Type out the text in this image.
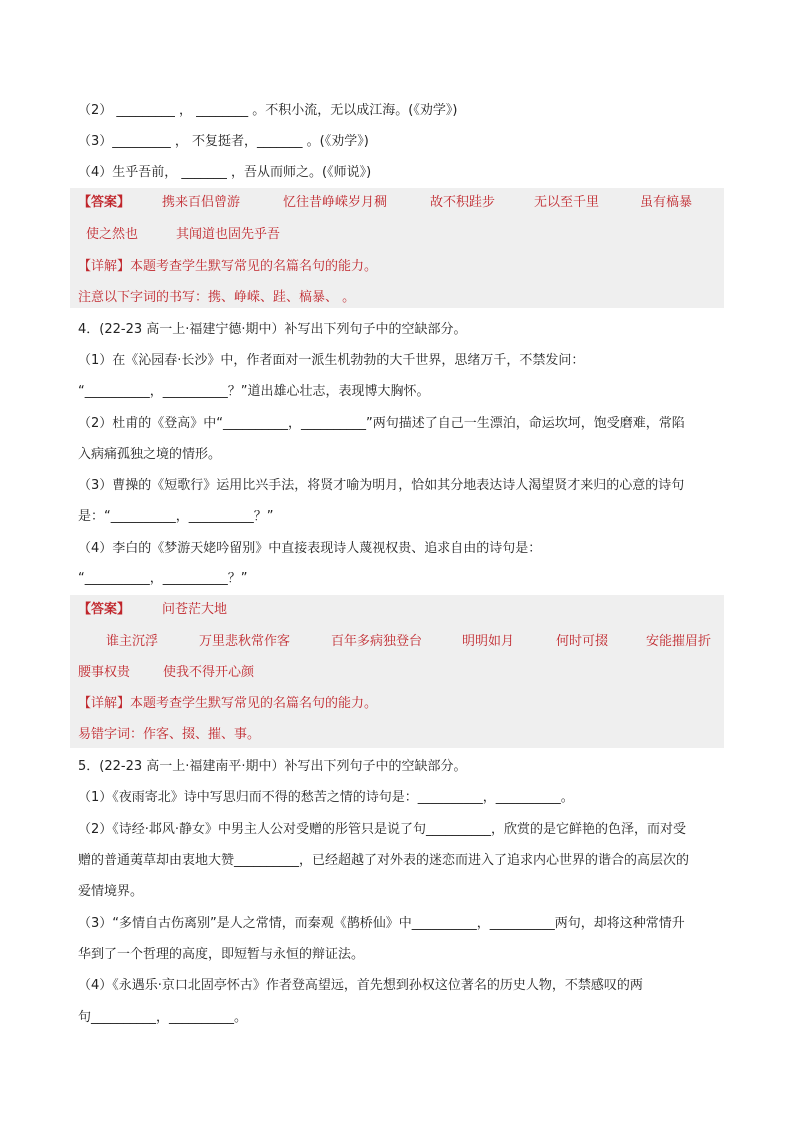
（2） _________ ， ________ 。不积小流，无以成江海。(《劝学》)
（3）_________ ， 不复挺者，_______ 。(《劝学》)
（4）生乎吾前， _______ ，吾从而师之。(《师说》)
【答案】 携来百侣曾游	忆往昔峥嵘岁月稠	故不积跬步	无以至千里	虽有槁暴
使之然也	其闻道也固先乎吾
【详解】本题考查学生默写常见的名篇名句的能力。
注意以下字词的书写：携、峥嵘、跬、槁暴、 。
4．(22-23 高一上·福建宁德·期中）补写出下列句子中的空缺部分。
（1）在《沁园春·长沙》中，作者面对一派生机勃勃的大千世界，思绪万千，不禁发问：
“__________，__________？”道出雄心壮志，表现博大胸怀。
（2）杜甫的《登高》中“__________，__________”两句描述了自己一生漂泊，命运坎坷，饱受磨难，常陷
入病痛孤独之境的情形。
（3）曹操的《短歌行》运用比兴手法，将贤才喻为明月，恰如其分地表达诗人渴望贤才来归的心意的诗句
是：“__________，__________？”
（4）李白的《梦游天姥吟留别》中直接表现诗人蔑视权贵、追求自由的诗句是：
“__________，__________？”
【答案】 问苍茫大地
谁主沉浮	万里悲秋常作客	百年多病独登台	明明如月	何时可掇	安能摧眉折
腰事权贵	使我不得开心颜
【详解】本题考查学生默写常见的名篇名句的能力。
易错字词：作客、掇、摧、事。
5．(22-23 高一上·福建南平·期中）补写出下列句子中的空缺部分。
（1）《夜雨寄北》诗中写思归而不得的愁苦之情的诗句是：__________，__________。
（2）《诗经·邶风·静女》中男主人公对受赠的彤管只是说了句__________，欣赏的是它鲜艳的色泽，而对受
赠的普通荑草却由衷地大赞__________，已经超越了对外表的迷恋而进入了追求内心世界的谐合的高层次的
爱情境界。
（3）“多情自古伤离别”是人之常情，而秦观《鹊桥仙》中__________，__________两句，却将这种常情升
华到了一个哲理的高度，即短暂与永恒的辩证法。
（4）《永遇乐·京口北固亭怀古》作者登高望远，首先想到孙权这位著名的历史人物，不禁感叹的两
句__________，__________。
